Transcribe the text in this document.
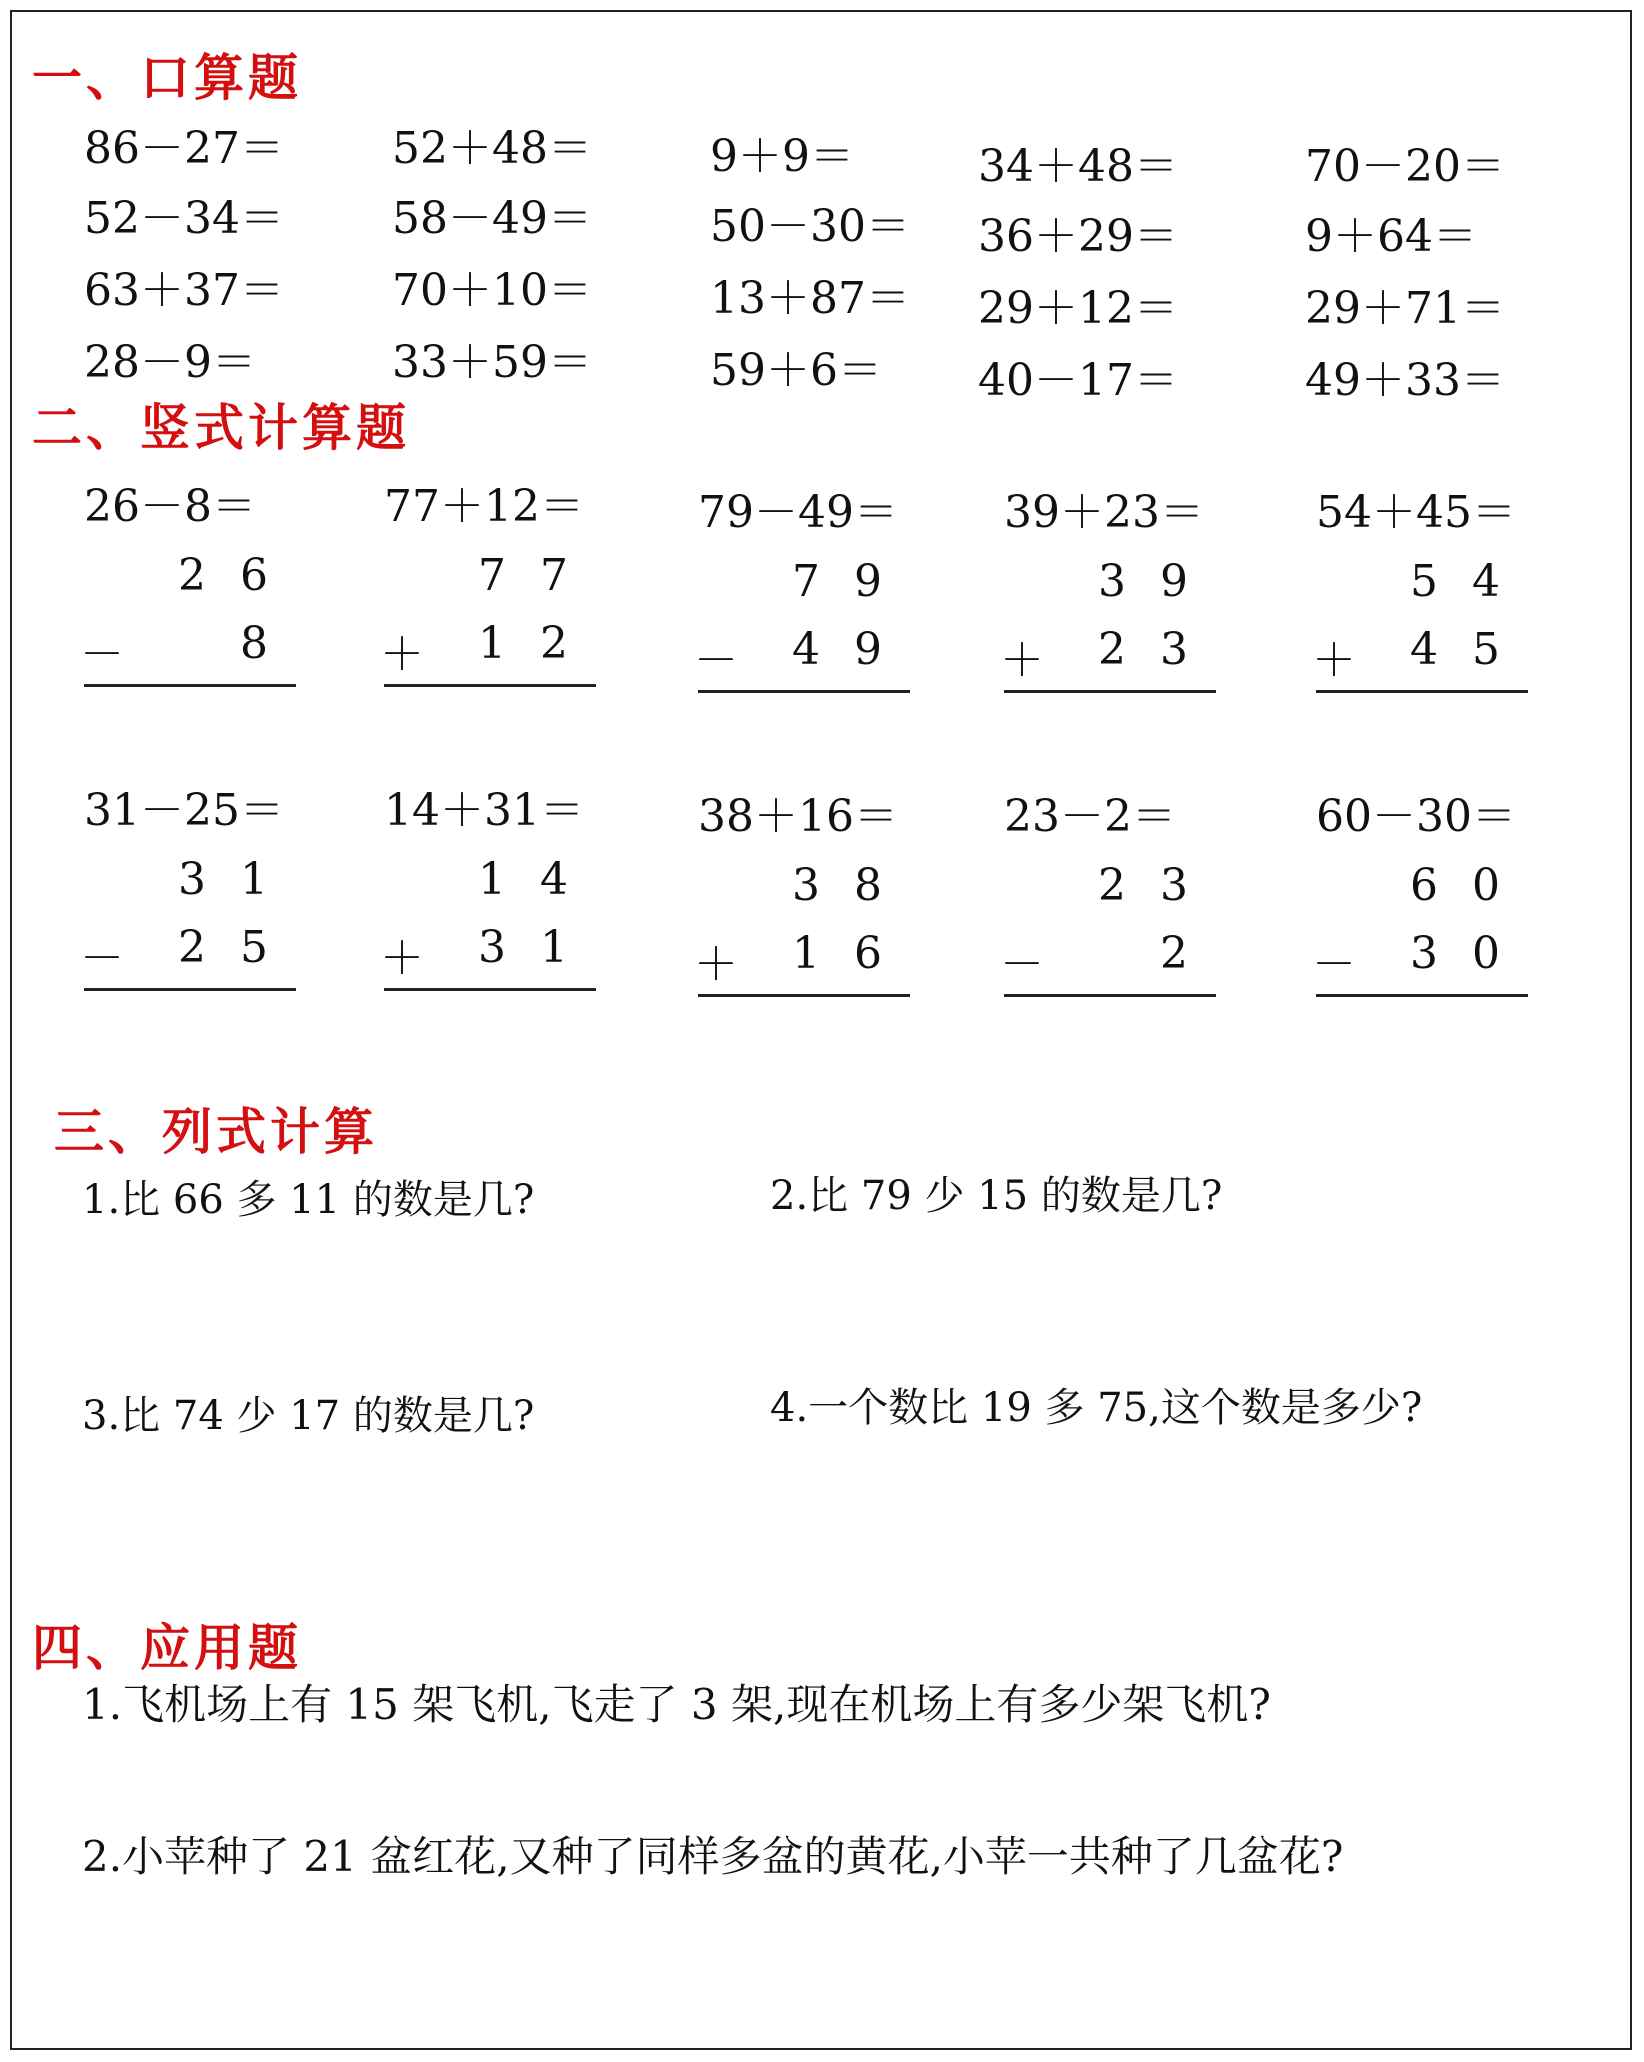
一、口算题
86－27＝ 52＋48＝	9＋9＝	34＋48＝	70－20＝
52－34＝ 58－49＝	50－30＝ 36＋29＝	9＋64＝
63＋37＝ 70＋10＝	13＋87＝ 29＋12＝	29＋71＝
28－9＝	33＋59＝	59＋6＝ 40－17＝	49＋33＝
二、竖式计算题
26－8＝
2 6
－	8
77＋12＝
7 7
＋ 1 2
79－49＝
7 9
－ 4 9
39＋23＝
3 9
＋ 2 3
54＋45＝
5 4
＋ 4 5
31－25＝
3 1
－ 2 5
14＋31＝
1 4
＋ 3 1
38＋16＝
3 8
＋ 1 6
23－2＝
2 3
－	2
60－30＝
6 0
－ 3 0
三、列式计算
1.比 66 多 11 的数是几?	2.比 79 少 15 的数是几?
3.比 74 少 17 的数是几?	4.一个数比 19 多 75,这个数是多少?
四、应用题
1.飞机场上有 15 架飞机,飞走了 3 架,现在机场上有多少架飞机?
2.小苹种了 21 盆红花,又种了同样多盆的黄花,小苹一共种了几盆花?
